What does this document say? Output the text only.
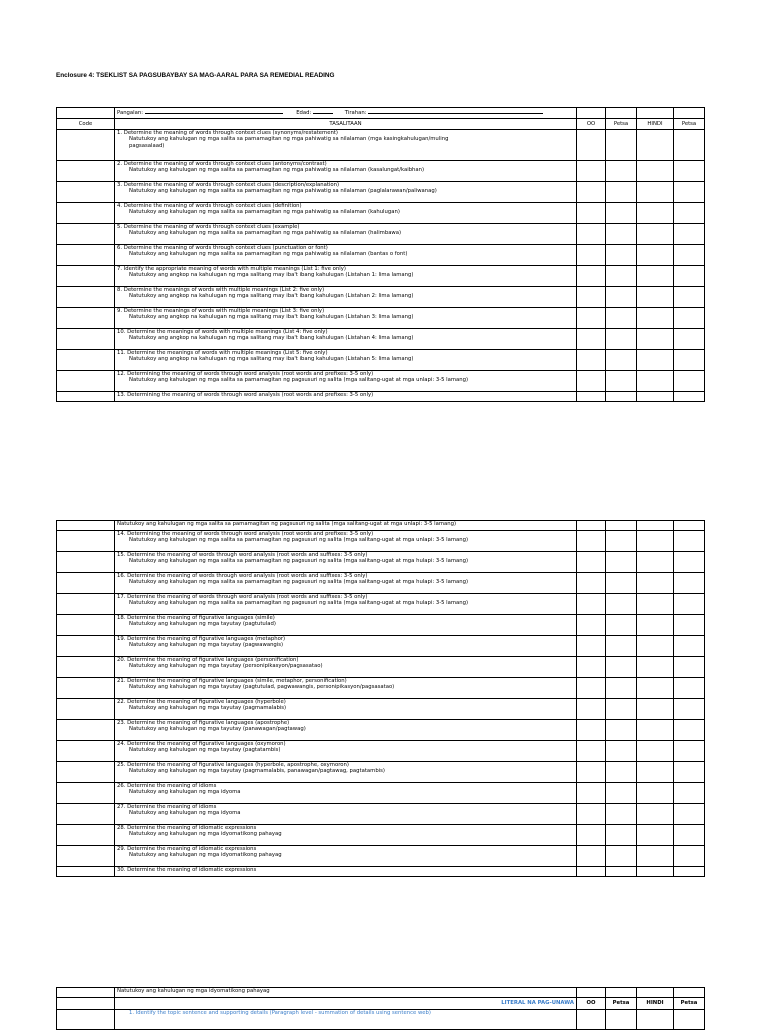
Enclosure 4: TSEKLIST SA PAGSUBAYBAY SA MAG-AARAL PARA SA REMEDIAL READING
	Pangalan: Edad: Tirahan:				
Code	TASALITAAN	OO	Petsa	HINDI	Petsa

	1. Determine the meaning of words through context clues (synonyms/restatement)
Natutukoy ang kahulugan ng mga salita sa pamamagitan ng mga pahiwatig sa nilalaman (mga kasingkahulugan/muling
pagsasalaad)				

	2. Determine the meaning of words through context clues (antonyms/contrast)
Natutukoy ang kahulugan ng mga salita sa pamamagitan ng mga pahiwatig sa nilalaman (kasalungat/kaibhan)				

	3. Determine the meaning of words through context clues (description/explanation)
Natutukoy ang kahulugan ng mga salita sa pamamagitan ng mga pahiwatig sa nilalaman (paglalarawan/paliwanag)				

	4. Determine the meaning of words through context clues (definition)
Natutukoy ang kahulugan ng mga salita sa pamamagitan ng mga pahiwatig sa nilalaman (kahulugan)				

	5. Determine the meaning of words through context clues (example)
Natutukoy ang kahulugan ng mga salita sa pamamagitan ng mga pahiwatig sa nilalaman (halimbawa)				

	6. Determine the meaning of words through context clues (punctuation or font)
Natutukoy ang kahulugan ng mga salita sa pamamagitan ng mga pahiwatig sa nilalaman (bantas o font)				

	7. Identify the appropriate meaning of words with multiple meanings (List 1: five only)
Natutukoy ang angkop na kahulugan ng mga salitang may iba't ibang kahulugan (Listahan 1: lima lamang)				

	8. Determine the meanings of words with multiple meanings (List 2: five only)
Natutukoy ang angkop na kahulugan ng mga salitang may iba't ibang kahulugan (Listahan 2: lima lamang)				

	9. Determine the meanings of words with multiple meanings (List 3: five only)
Natutukoy ang angkop na kahulugan ng mga salitang may iba't ibang kahulugan (Listahan 3: lima lamang)				

	10. Determine the meanings of words with multiple meanings (List 4: five only)
Natutukoy ang angkop na kahulugan ng mga salitang may iba't ibang kahulugan (Listahan 4: lima lamang)				

	11. Determine the meanings of words with multiple meanings (List 5: five only)
Natutukoy ang angkop na kahulugan ng mga salitang may iba't ibang kahulugan (Listahan 5: lima lamang)				

	12. Determining the meaning of words through word analysis (root words and prefixes: 3-5 only)
Natutukoy ang kahulugan ng mga salita sa pamamagitan ng pagsusuri ng salita (mga salitang-ugat at mga unlapi: 3-5 lamang)				

	13. Determining the meaning of words through word analysis (root words and prefixes: 3-5 only)				

	Natutukoy ang kahulugan ng mga salita sa pamamagitan ng pagsusuri ng salita (mga salitang-ugat at mga unlapi: 3-5 lamang)				

	14. Determining the meaning of words through word analysis (root words and prefixes: 3-5 only)
Natutukoy ang kahulugan ng mga salita sa pamamagitan ng pagsusuri ng salita (mga salitang-ugat at mga unlapi: 3-5 lamang)				

	15. Determine the meaning of words through word analysis (root words and suffixes: 3-5 only)
Natutukoy ang kahulugan ng mga salita sa pamamagitan ng pagsusuri ng salita (mga salitang-ugat at mga hulapi: 3-5 lamang)				

	16. Determine the meaning of words through word analysis (root words and suffixes: 3-5 only)
Natutukoy ang kahulugan ng mga salita sa pamamagitan ng pagsusuri ng salita (mga salitang-ugat at mga hulapi: 3-5 lamang)				

	17. Determine the meaning of words through word analysis (root words and suffixes: 3-5 only)
Natutukoy ang kahulugan ng mga salita sa pamamagitan ng pagsusuri ng salita (mga salitang-ugat at mga hulapi: 3-5 lamang)				

	18. Determine the meaning of figurative languages (simile)
Natutukoy ang kahulugan ng mga tayutay (pagtutulad)				

	19. Determine the meaning of figurative languages (metaphor)
Natutukoy ang kahulugan ng mga tayutay (pagwawangis)				

	20. Determine the meaning of figurative languages (personification)
Natutukoy ang kahulugan ng mga tayutay (personipikasyon/pagsasatao)				

	21. Determine the meaning of figurative languages (simile, metaphor, personification)
Natutukoy ang kahulugan ng mga tayutay (pagtutulad, pagwawangis, personipikasyon/pagsasatao)				

	22. Determine the meaning of figurative languages (hyperbole)
Natutukoy ang kahulugan ng mga tayutay (pagmamalabis)				

	23. Determine the meaning of figurative languages (apostrophe)
Natutukoy ang kahulugan ng mga tayutay (panawagan/pagtawag)				

	24. Determine the meaning of figurative languages (oxymoron)
Natutukoy ang kahulugan ng mga tayutay (pagtatambis)				

	25. Determine the meaning of figurative languages (hyperbole, apostrophe, oxymoron)
Natutukoy ang kahulugan ng mga tayutay (pagmamalabis, panawagan/pagtawag, pagtatambis)				

	26. Determine the meaning of idioms
Natutukoy ang kahulugan ng mga idyoma				

	27. Determine the meaning of idioms
Natutukoy ang kahulugan ng mga idyoma				

	28. Determine the meaning of idiomatic expressions
Natutukoy ang kahulugan ng mga idyomatikong pahayag				

	29. Determine the meaning of idiomatic expressions
Natutukoy ang kahulugan ng mga idyomatikong pahayag				

	30. Determine the meaning of idiomatic expressions				

	Natutukoy ang kahulugan ng mga idyomatikong pahayag				
	LITERAL NA PAG-UNAWA	OO	Petsa	HINDI	Petsa
	1. Identify the topic sentence and supporting details (Paragraph level - summation of details using sentence web)				
